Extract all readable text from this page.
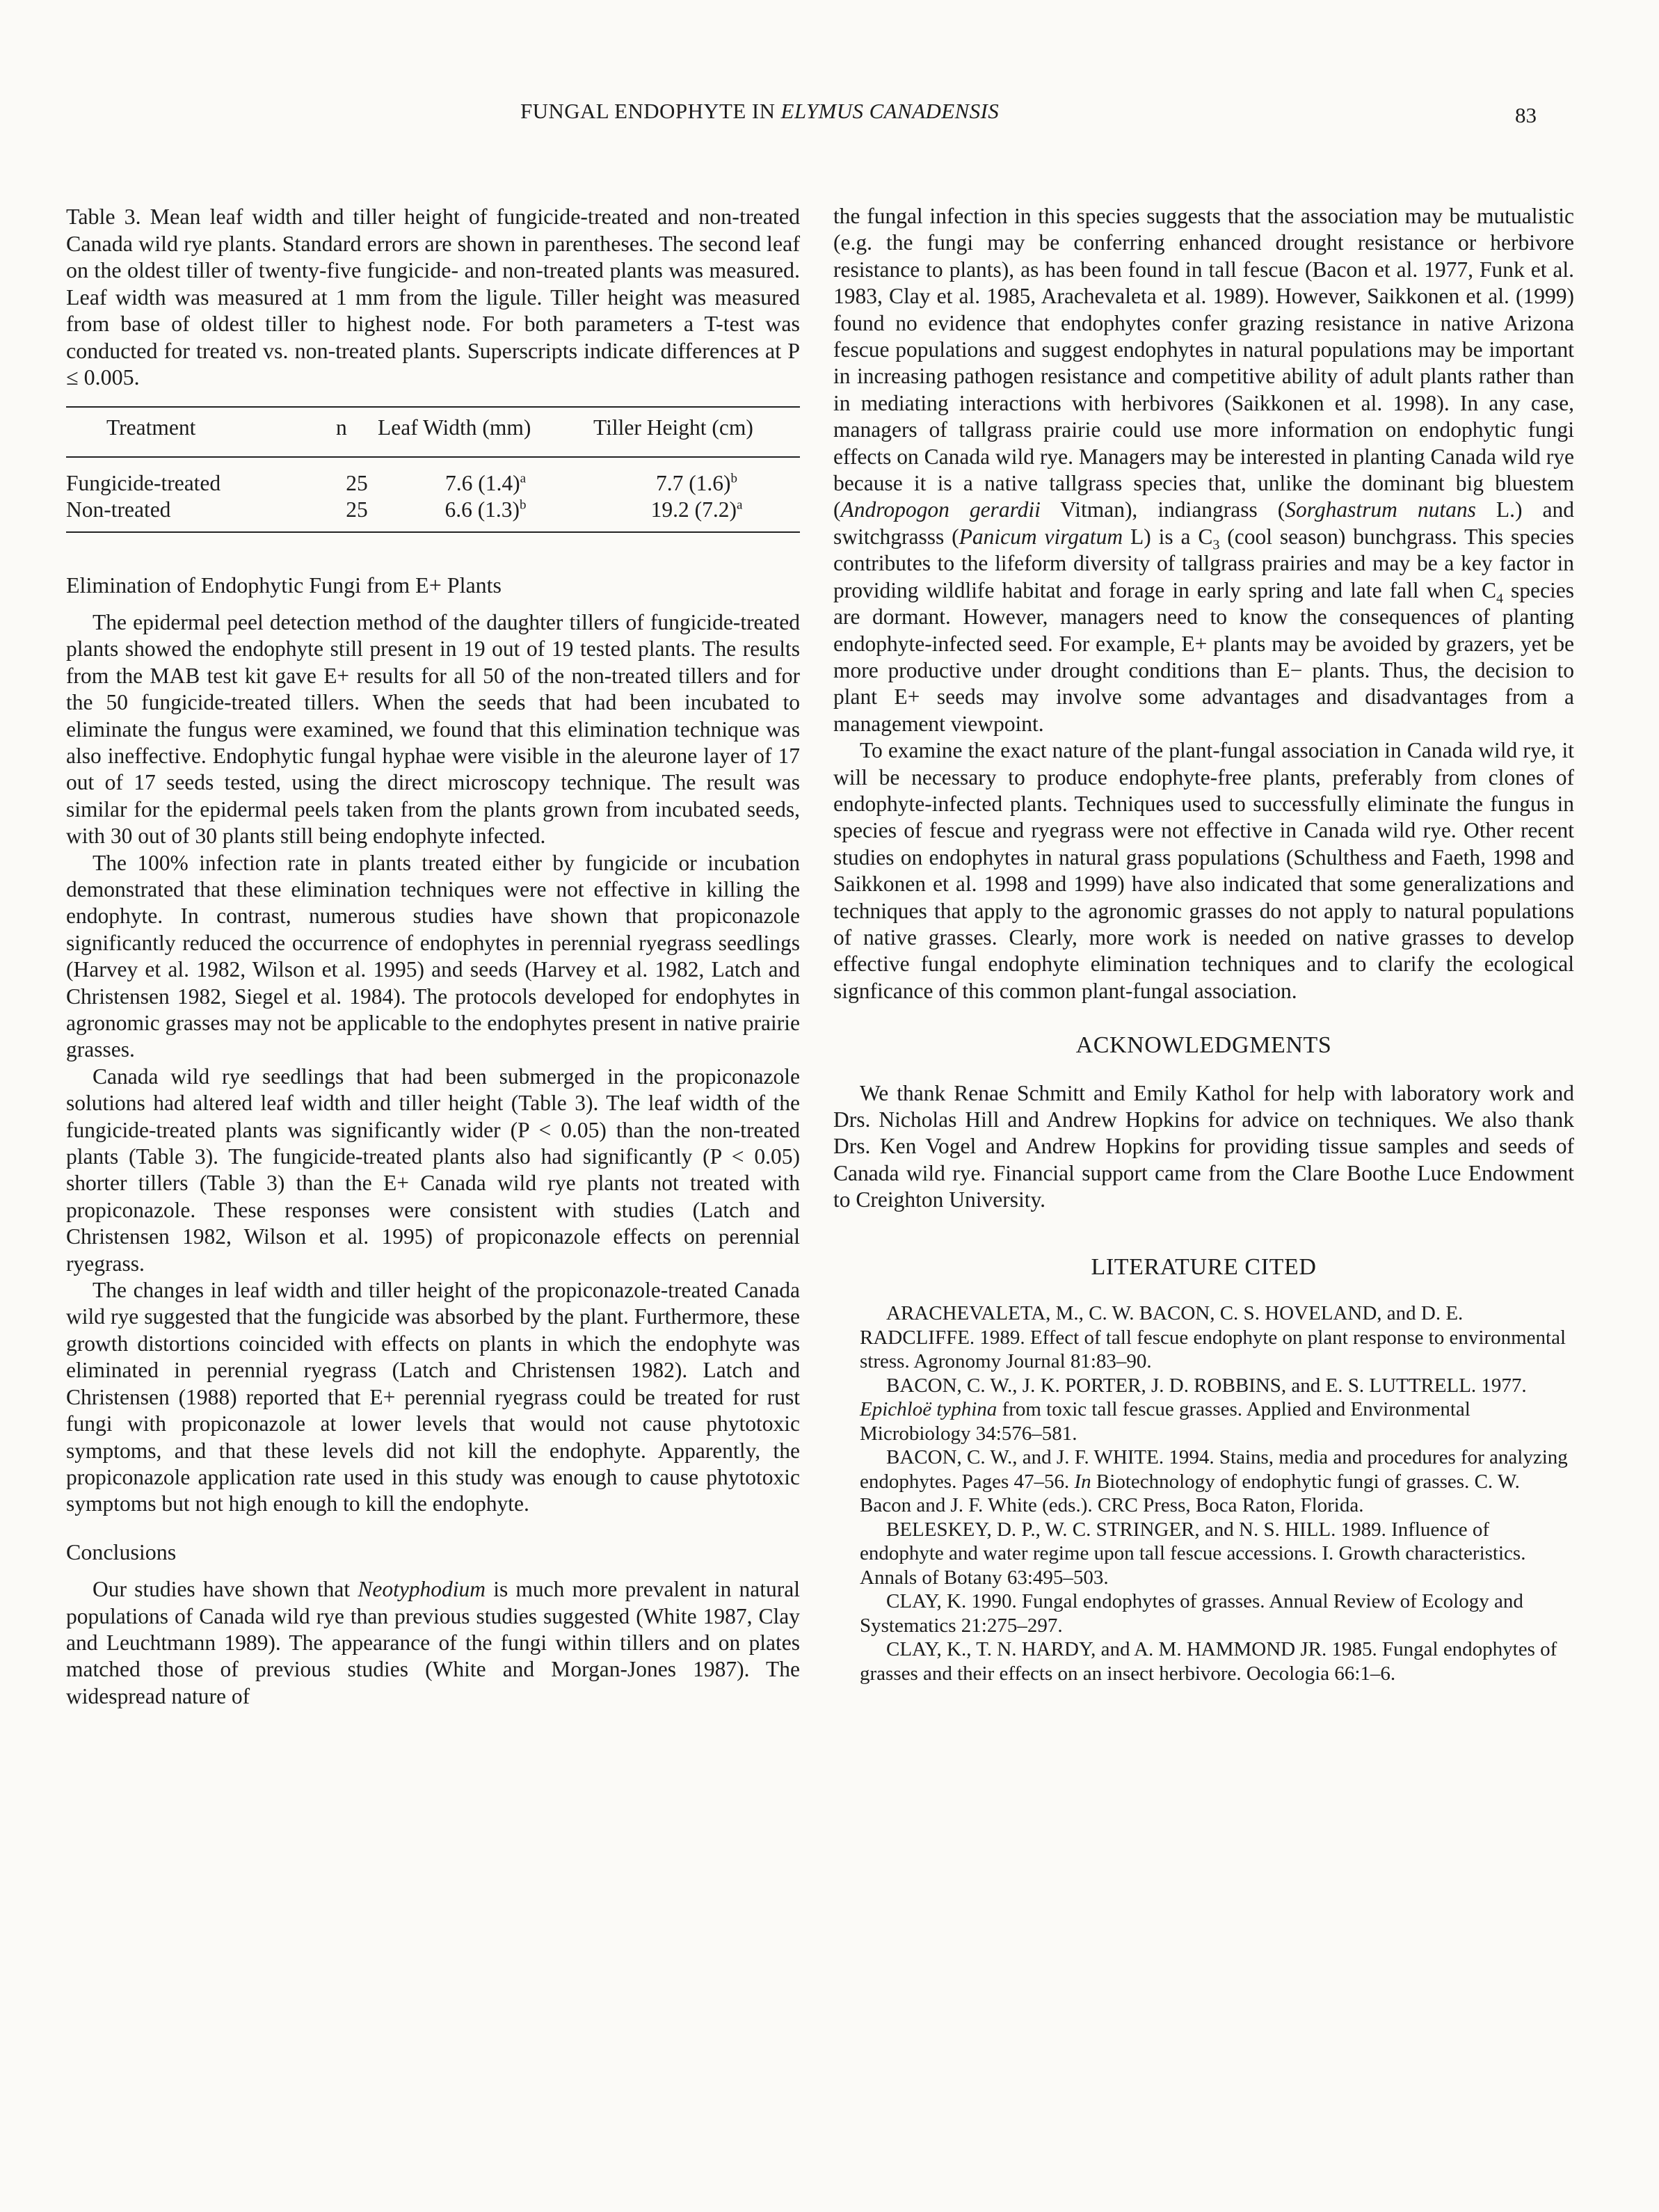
FUNGAL ENDOPHYTE IN ELYMUS CANADENSIS	83

Table 3. Mean leaf width and tiller height of fungicide-treated and non-treated Canada wild rye plants. Standard errors are shown in parentheses. The second leaf on the oldest tiller of twenty-five fungicide- and non-treated plants was measured. Leaf width was measured at 1 mm from the ligule. Tiller height was measured from base of oldest tiller to highest node. For both parameters a T-test was conducted for treated vs. non-treated plants. Superscripts indicate differences at P ≤ 0.005.

Treatment	n	Leaf Width (mm)	Tiller Height (cm)
Fungicide-treated	25	7.6 $(1.4)^a$	7.7 $(1.6)^b$
Non-treated	25	6.6 $(1.3)^b$	19.2 $(7.2)^a$
Elimination of Endophytic Fungi from E+ Plants

The epidermal peel detection method of the daughter tillers of fungicide-treated plants showed the endophyte still present in 19 out of 19 tested plants. The results from the MAB test kit gave E+ results for all 50 of the non-treated tillers and for the 50 fungicide-treated tillers. When the seeds that had been incubated to eliminate the fungus were examined, we found that this elimination technique was also ineffective. Endophytic fungal hyphae were visible in the aleurone layer of 17 out of 17 seeds tested, using the direct microscopy technique. The result was similar for the epidermal peels taken from the plants grown from incubated seeds, with 30 out of 30 plants still being endophyte infected.

The 100% infection rate in plants treated either by fungicide or incubation demonstrated that these elimination techniques were not effective in killing the endophyte. In contrast, numerous studies have shown that propiconazole significantly reduced the occurrence of endophytes in perennial ryegrass seedlings (Harvey et al. 1982, Wilson et al. 1995) and seeds (Harvey et al. 1982, Latch and Christensen 1982, Siegel et al. 1984). The protocols developed for endophytes in agronomic grasses may not be applicable to the endophytes present in native prairie grasses.

Canada wild rye seedlings that had been submerged in the propiconazole solutions had altered leaf width and tiller height (Table 3). The leaf width of the fungicide-treated plants was significantly wider (P < 0.05) than the non-treated plants (Table 3). The fungicide-treated plants also had significantly (P < 0.05) shorter tillers (Table 3) than the E+ Canada wild rye plants not treated with propiconazole. These responses were consistent with studies (Latch and Christensen 1982, Wilson et al. 1995) of propiconazole effects on perennial ryegrass.

The changes in leaf width and tiller height of the propiconazole-treated Canada wild rye suggested that the fungicide was absorbed by the plant. Furthermore, these growth distortions coincided with effects on plants in which the endophyte was eliminated in perennial ryegrass (Latch and Christensen 1982). Latch and Christensen (1988) reported that E+ perennial ryegrass could be treated for rust fungi with propiconazole at lower levels that would not cause phytotoxic symptoms, and that these levels did not kill the endophyte. Apparently, the propiconazole application rate used in this study was enough to cause phytotoxic symptoms but not high enough to kill the endophyte.

Conclusions

Our studies have shown that Neotyphodium is much more prevalent in natural populations of Canada wild rye than previous studies suggested (White 1987, Clay and Leuchtmann 1989). The appearance of the fungi within tillers and on plates matched those of previous studies (White and Morgan-Jones 1987). The widespread nature of

the fungal infection in this species suggests that the association may be mutualistic (e.g. the fungi may be conferring enhanced drought resistance or herbivore resistance to plants), as has been found in tall fescue (Bacon et al. 1977, Funk et al. 1983, Clay et al. 1985, Arachevaleta et al. 1989). However, Saikkonen et al. (1999) found no evidence that endophytes confer grazing resistance in native Arizona fescue populations and suggest endophytes in natural populations may be important in increasing pathogen resistance and competitive ability of adult plants rather than in mediating interactions with herbivores (Saikkonen et al. 1998). In any case, managers of tallgrass prairie could use more information on endophytic fungi effects on Canada wild rye. Managers may be interested in planting Canada wild rye because it is a native tallgrass species that, unlike the dominant big bluestem (Andropogon gerardii Vitman), indiangrass (Sorghastrum nutans L.) and switchgrasss (Panicum virgatum L) is a $C_3$ (cool season) bunchgrass. This species contributes to the lifeform diversity of tallgrass prairies and may be a key factor in providing wildlife habitat and forage in early spring and late fall when $C_4$ species are dormant. However, managers need to know the consequences of planting endophyte-infected seed. For example, E+ plants may be avoided by grazers, yet be more productive under drought conditions than E− plants. Thus, the decision to plant E+ seeds may involve some advantages and disadvantages from a management viewpoint.

To examine the exact nature of the plant-fungal association in Canada wild rye, it will be necessary to produce endophyte-free plants, preferably from clones of endophyte-infected plants. Techniques used to successfully eliminate the fungus in species of fescue and ryegrass were not effective in Canada wild rye. Other recent studies on endophytes in natural grass populations (Schulthess and Faeth, 1998 and Saikkonen et al. 1998 and 1999) have also indicated that some generalizations and techniques that apply to the agronomic grasses do not apply to natural populations of native grasses. Clearly, more work is needed on native grasses to develop effective fungal endophyte elimination techniques and to clarify the ecological signficance of this common plant-fungal association.

ACKNOWLEDGMENTS

We thank Renae Schmitt and Emily Kathol for help with laboratory work and Drs. Nicholas Hill and Andrew Hopkins for advice on techniques. We also thank Drs. Ken Vogel and Andrew Hopkins for providing tissue samples and seeds of Canada wild rye. Financial support came from the Clare Boothe Luce Endowment to Creighton University.

LITERATURE CITED

ARACHEVALETA, M., C. W. BACON, C. S. HOVELAND, and D. E. RADCLIFFE. 1989. Effect of tall fescue endophyte on plant response to environmental stress. Agronomy Journal 81:83–90.

BACON, C. W., J. K. PORTER, J. D. ROBBINS, and E. S. LUTTRELL. 1977. Epichloë typhina from toxic tall fescue grasses. Applied and Environmental Microbiology 34:576–581.

BACON, C. W., and J. F. WHITE. 1994. Stains, media and procedures for analyzing endophytes. Pages 47–56. In Biotechnology of endophytic fungi of grasses. C. W. Bacon and J. F. White (eds.). CRC Press, Boca Raton, Florida.

BELESKEY, D. P., W. C. STRINGER, and N. S. HILL. 1989. Influence of endophyte and water regime upon tall fescue accessions. I. Growth characteristics. Annals of Botany 63:495–503.

CLAY, K. 1990. Fungal endophytes of grasses. Annual Review of Ecology and Systematics 21:275–297.

CLAY, K., T. N. HARDY, and A. M. HAMMOND JR. 1985. Fungal endophytes of grasses and their effects on an insect herbivore. Oecologia 66:1–6.
